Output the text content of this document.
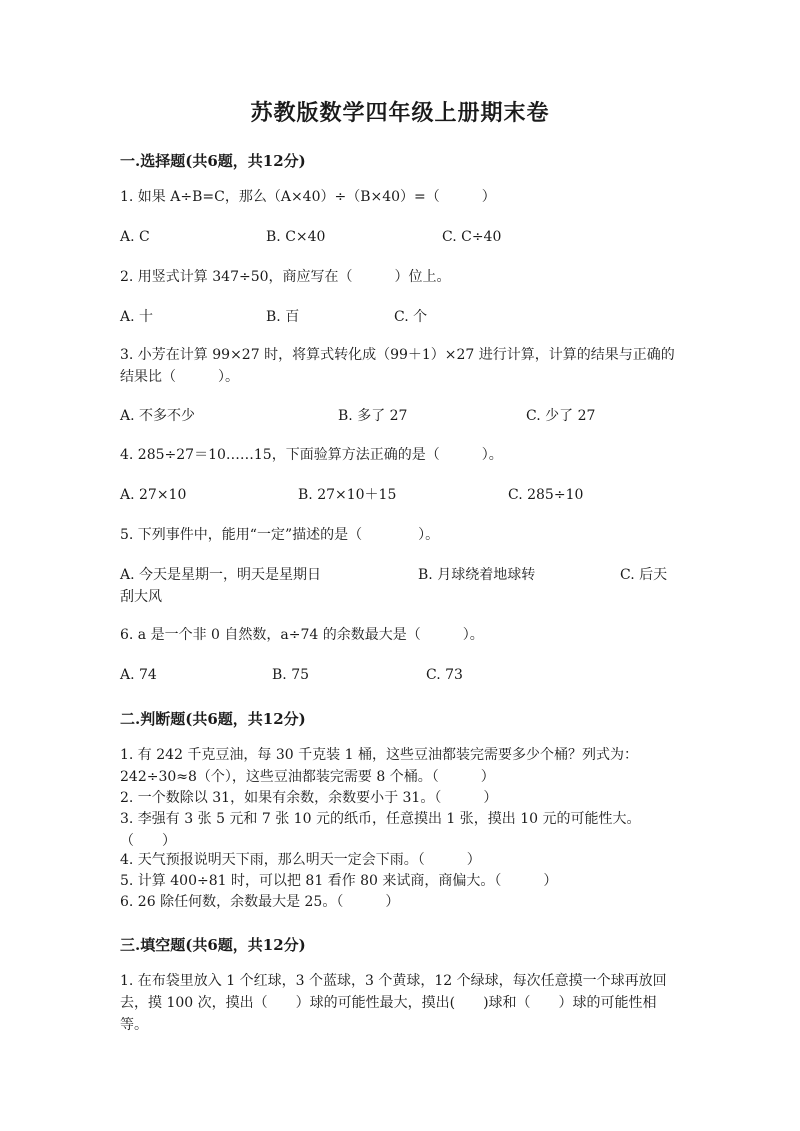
苏教版数学四年级上册期末卷
一.选择题(共6题，共12分)
1. 如果 A÷B=C，那么（A×40）÷（B×40）=（　　　）
A. C	B. C×40	C. C÷40
2. 用竖式计算 347÷50，商应写在（　　　）位上。
A. 十	B. 百	C. 个
3. 小芳在计算 99×27 时，将算式转化成（99＋1）×27 进行计算，计算的结果与正确的结果比（　　　）。
A. 不多不少	B. 多了 27	C. 少了 27
4. 285÷27＝10……15，下面验算方法正确的是（　　　）。
A. 27×10	B. 27×10＋15	C. 285÷10
5. 下列事件中，能用“一定”描述的是（　　　　）。
A. 今天是星期一，明天是星期日	B. 月球绕着地球转	C. 后天
刮大风
6. a 是一个非 0 自然数，a÷74 的余数最大是（　　　）。
A. 74	B. 75	C. 73
二.判断题(共6题，共12分)
1. 有 242 千克豆油，每 30 千克装 1 桶，这些豆油都装完需要多少个桶？列式为：242÷30≈8（个），这些豆油都装完需要 8 个桶。（　　　）
2. 一个数除以 31，如果有余数，余数要小于 31。（　　　）
3. 李强有 3 张 5 元和 7 张 10 元的纸币，任意摸出 1 张，摸出 10 元的可能性大。　　　（　　）
4. 天气预报说明天下雨，那么明天一定会下雨。（　　　）
5. 计算 400÷81 时，可以把 81 看作 80 来试商，商偏大。（　　　）
6. 26 除任何数，余数最大是 25。（　　　）
三.填空题(共6题，共12分)
1. 在布袋里放入 1 个红球，3 个蓝球，3 个黄球，12 个绿球，每次任意摸一个球再放回去，摸 100 次，摸出（　　）球的可能性最大，摸出(　　)球和（　　）球的可能性相等。
